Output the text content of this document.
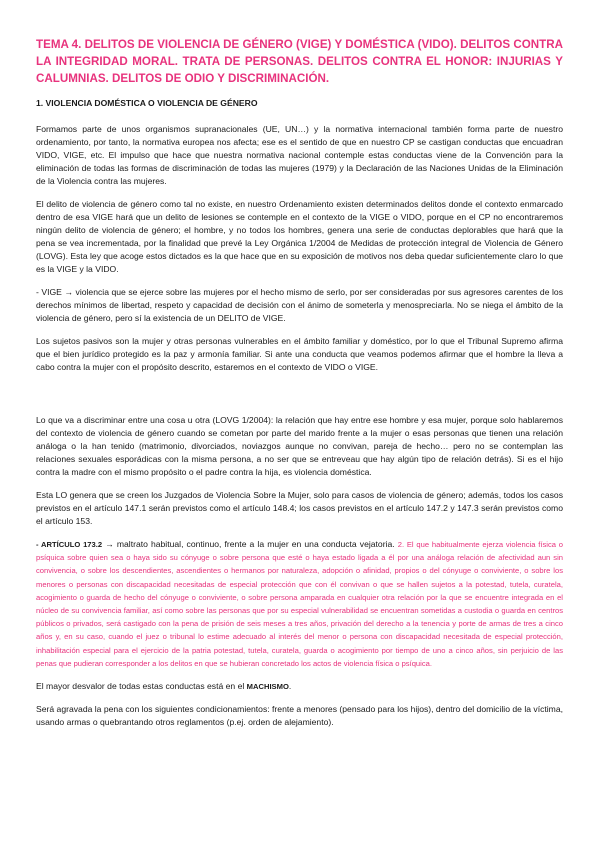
TEMA 4. DELITOS DE VIOLENCIA DE GÉNERO (VIGE) Y DOMÉSTICA (VIDO). DELITOS CONTRA LA INTEGRIDAD MORAL. TRATA DE PERSONAS. DELITOS CONTRA EL HONOR: INJURIAS Y CALUMNIAS. DELITOS DE ODIO Y DISCRIMINACIÓN.
1. VIOLENCIA DOMÉSTICA O VIOLENCIA DE GÉNERO

Formamos parte de unos organismos supranacionales (UE, UN…) y la normativa internacional también forma parte de nuestro ordenamiento, por tanto, la normativa europea nos afecta; ese es el sentido de que en nuestro CP se castigan conductas que encuadran VIDO, VIGE, etc. El impulso que hace que nuestra normativa nacional contemple estas conductas viene de la Convención para la eliminación de todas las formas de discriminación de todas las mujeres (1979) y la Declaración de las Naciones Unidas de la Eliminación de la Violencia contra las mujeres.

El delito de violencia de género como tal no existe, en nuestro Ordenamiento existen determinados delitos donde el contexto enmarcado dentro de esa VIGE hará que un delito de lesiones se contemple en el contexto de la VIGE o VIDO, porque en el CP no encontraremos ningún delito de violencia de género; el hombre, y no todos los hombres, genera una serie de conductas deplorables que hará que la pena se vea incrementada, por la finalidad que prevé la Ley Orgánica 1/2004 de Medidas de protección integral de Violencia de Género (LOVG). Esta ley que acoge estos dictados es la que hace que en su exposición de motivos nos deba quedar suficientemente claro lo que es la VIGE y la VIDO.

- VIGE → violencia que se ejerce sobre las mujeres por el hecho mismo de serlo, por ser consideradas por sus agresores carentes de los derechos mínimos de libertad, respeto y capacidad de decisión con el ánimo de someterla y menospreciarla. No se niega el ámbito de la violencia de género, pero sí la existencia de un DELITO de VIGE.

Los sujetos pasivos son la mujer y otras personas vulnerables en el ámbito familiar y doméstico, por lo que el Tribunal Supremo afirma que el bien jurídico protegido es la paz y armonía familiar. Si ante una conducta que veamos podemos afirmar que el hombre la lleva a cabo contra la mujer con el propósito descrito, estaremos en el contexto de VIDO o VIGE.

Lo que va a discriminar entre una cosa u otra (LOVG 1/2004): la relación que hay entre ese hombre y esa mujer, porque solo hablaremos del contexto de violencia de género cuando se cometan por parte del marido frente a la mujer o esas personas que tienen una relación análoga o la han tenido (matrimonio, divorciados, noviazgos aunque no convivan, pareja de hecho… pero no se contemplan las relaciones sexuales esporádicas con la misma persona, a no ser que se entreveau que hay algún tipo de relación detrás). Si es el hijo contra la madre con el mismo propósito o el padre contra la hija, es violencia doméstica.

Esta LO genera que se creen los Juzgados de Violencia Sobre la Mujer, solo para casos de violencia de género; además, todos los casos previstos en el artículo 147.1 serán previstos como el artículo 148.4; los casos previstos en el artículo 147.2 y 147.3 serán previstos como el artículo 153.

- ARTÍCULO 173.2 → maltrato habitual, continuo, frente a la mujer en una conducta vejatoria. 2. El que habitualmente ejerza violencia física o psíquica sobre quien sea o haya sido su cónyuge o sobre persona que esté o haya estado ligada a él por una análoga relación de afectividad aun sin convivencia, o sobre los descendientes, ascendientes o hermanos por naturaleza, adopción o afinidad, propios o del cónyuge o conviviente, o sobre los menores o personas con discapacidad necesitadas de especial protección que con él convivan o que se hallen sujetos a la potestad, tutela, curatela, acogimiento o guarda de hecho del cónyuge o conviviente, o sobre persona amparada en cualquier otra relación por la que se encuentre integrada en el núcleo de su convivencia familiar, así como sobre las personas que por su especial vulnerabilidad se encuentran sometidas a custodia o guarda en centros públicos o privados, será castigado con la pena de prisión de seis meses a tres años, privación del derecho a la tenencia y porte de armas de tres a cinco años y, en su caso, cuando el juez o tribunal lo estime adecuado al interés del menor o persona con discapacidad necesitada de especial protección, inhabilitación especial para el ejercicio de la patria potestad, tutela, curatela, guarda o acogimiento por tiempo de uno a cinco años, sin perjuicio de las penas que pudieran corresponder a los delitos en que se hubieran concretado los actos de violencia física o psíquica.

El mayor desvalor de todas estas conductas está en el MACHISMO.

Será agravada la pena con los siguientes condicionamientos: frente a menores (pensado para los hijos), dentro del domicilio de la víctima, usando armas o quebrantando otros reglamentos (p.ej. orden de alejamiento).
